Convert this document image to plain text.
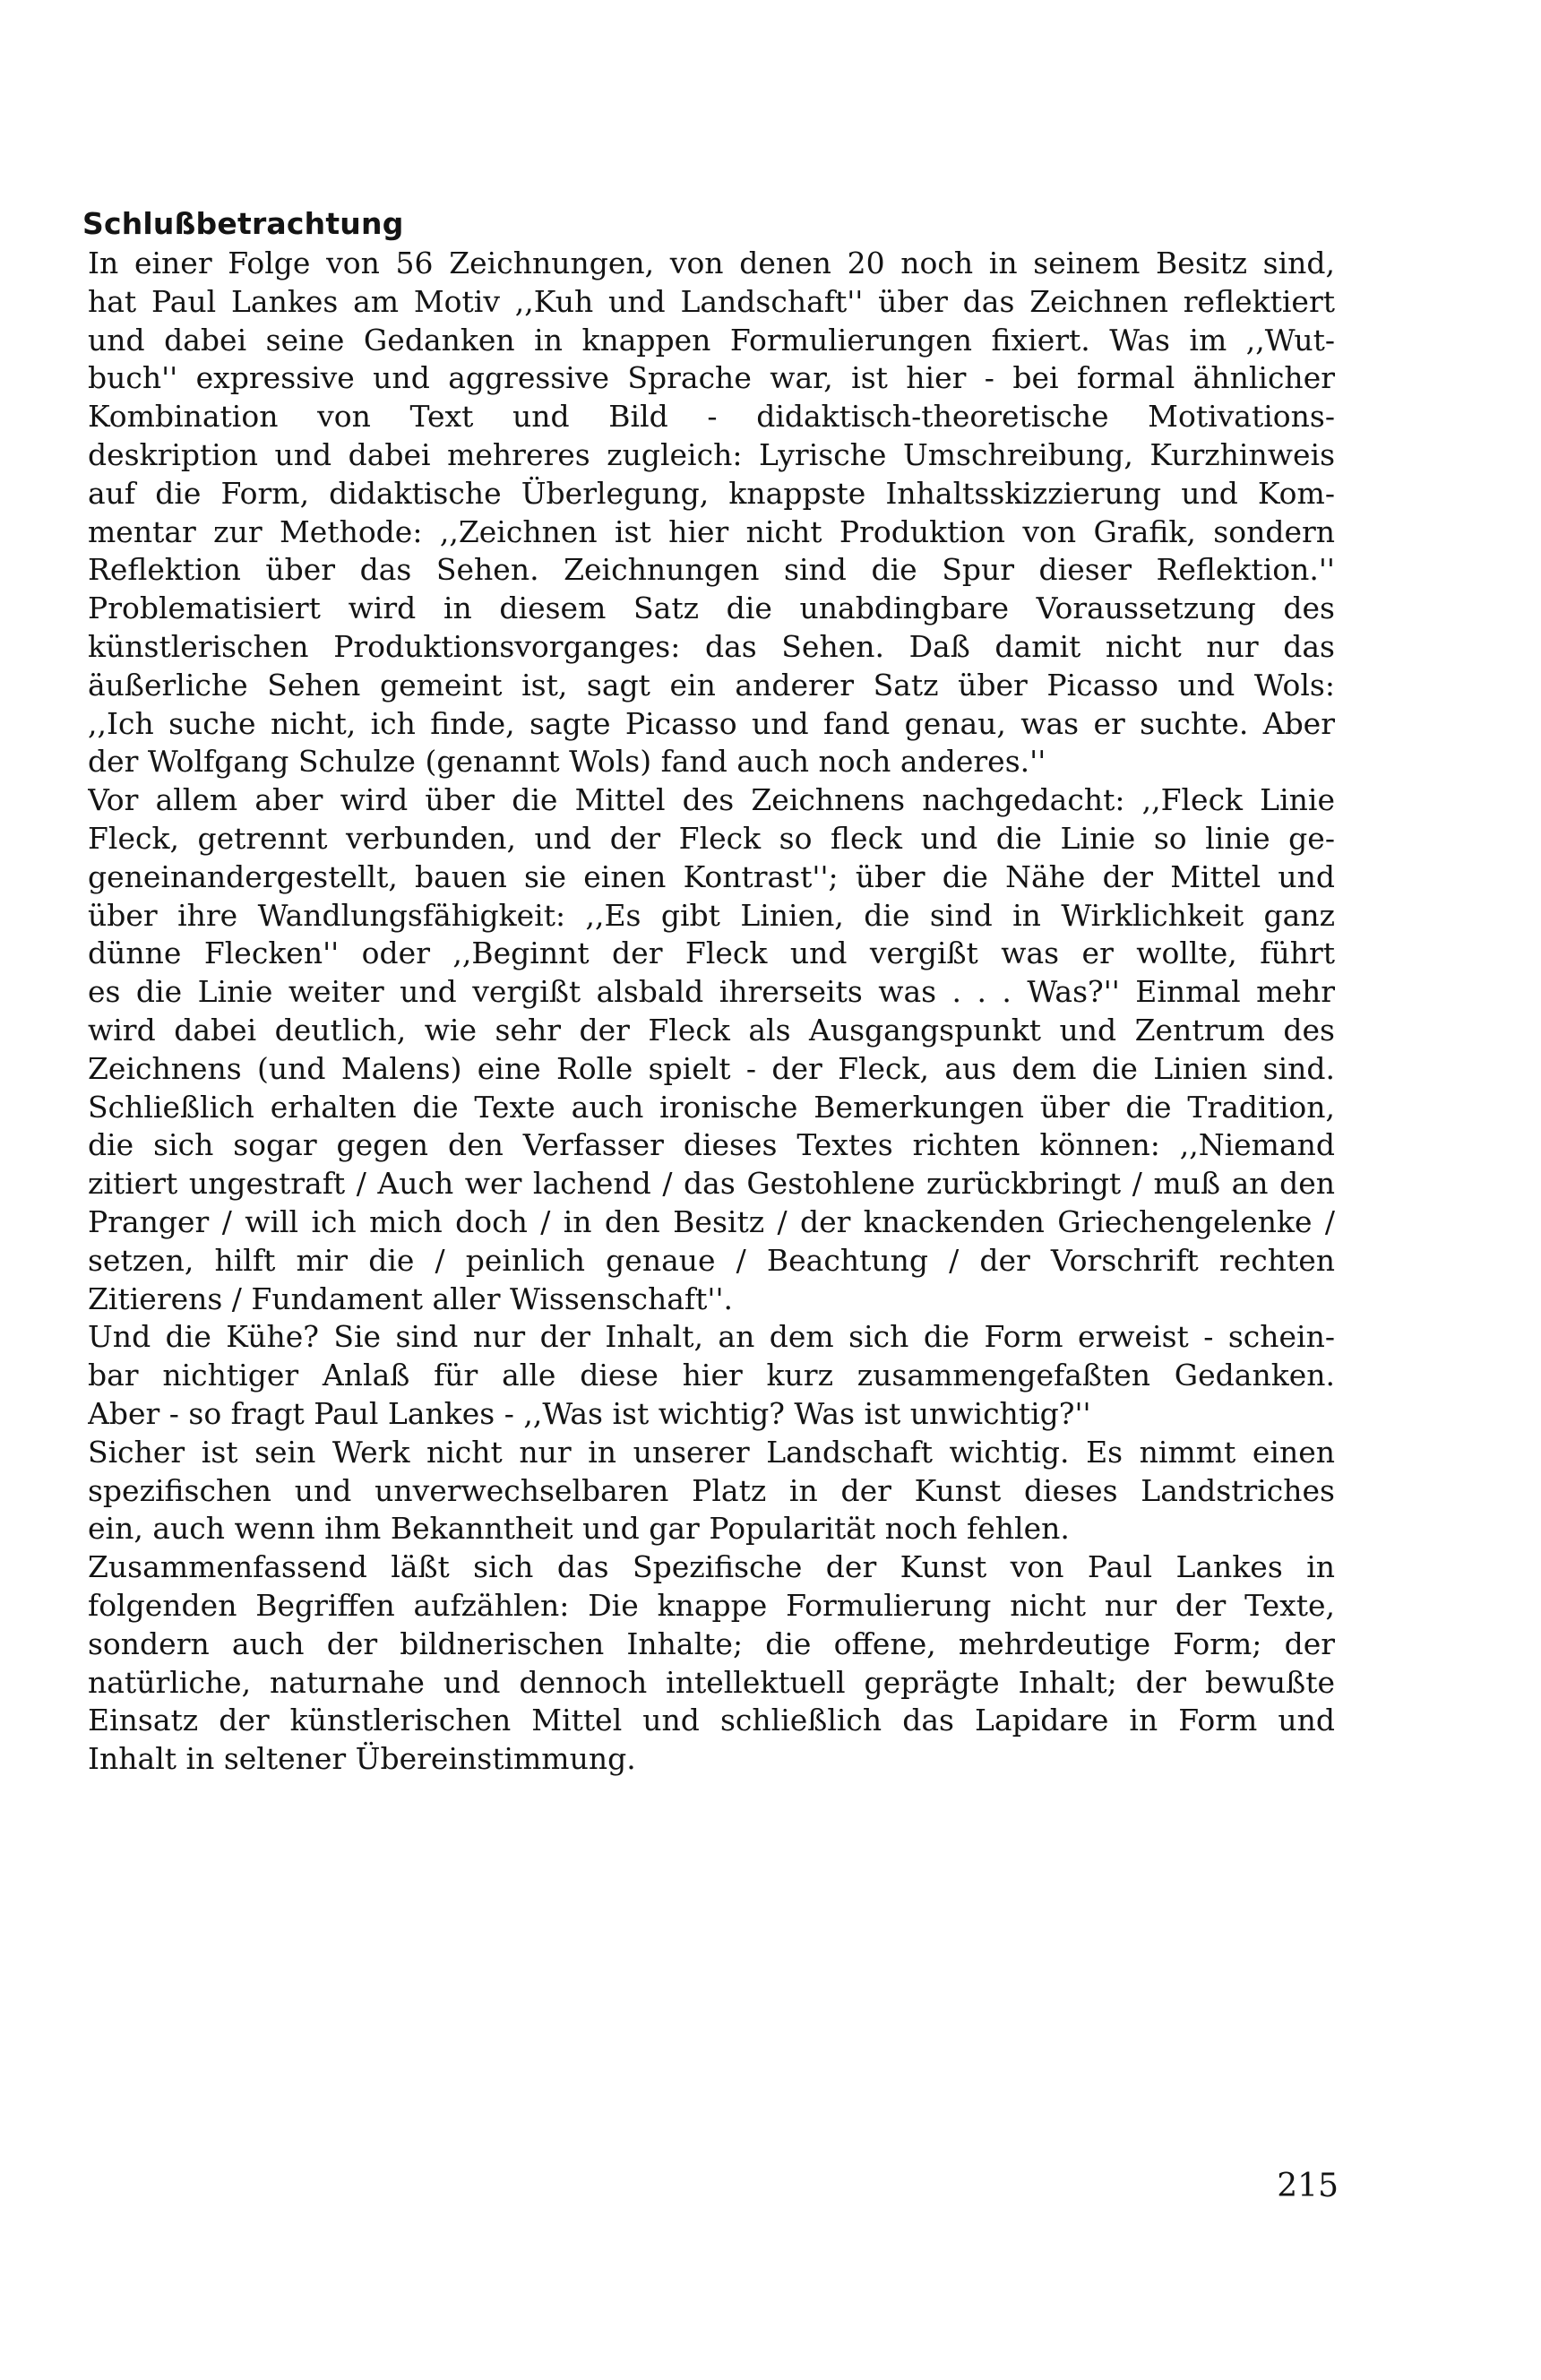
Schlußbetrachtung

In einer Folge von 56 Zeichnungen, von denen 20 noch in seinem Besitz sind,

hat Paul Lankes am Motiv ,,Kuh und Landschaft'' über das Zeichnen reflektiert

und dabei seine Gedanken in knappen Formulierungen fixiert. Was im ,,Wut-

buch'' expressive und aggressive Sprache war, ist hier - bei formal ähnlicher

Kombination von Text und Bild - didaktisch-theoretische Motivations-

deskription und dabei mehreres zugleich: Lyrische Umschreibung, Kurzhinweis

auf die Form, didaktische Überlegung, knappste Inhaltsskizzierung und Kom-

mentar zur Methode: ,,Zeichnen ist hier nicht Produktion von Grafik, sondern

Reflektion über das Sehen. Zeichnungen sind die Spur dieser Reflektion.''

Problematisiert wird in diesem Satz die unabdingbare Voraussetzung des

künstlerischen Produktionsvorganges: das Sehen. Daß damit nicht nur das

äußerliche Sehen gemeint ist, sagt ein anderer Satz über Picasso und Wols:

,,Ich suche nicht, ich finde, sagte Picasso und fand genau, was er suchte. Aber

der Wolfgang Schulze (genannt Wols) fand auch noch anderes.''

Vor allem aber wird über die Mittel des Zeichnens nachgedacht: ,,Fleck Linie

Fleck, getrennt verbunden, und der Fleck so fleck und die Linie so linie ge-

geneinandergestellt, bauen sie einen Kontrast''; über die Nähe der Mittel und

über ihre Wandlungsfähigkeit: ,,Es gibt Linien, die sind in Wirklichkeit ganz

dünne Flecken'' oder ,,Beginnt der Fleck und vergißt was er wollte, führt

es die Linie weiter und vergißt alsbald ihrerseits was . . . Was?'' Einmal mehr

wird dabei deutlich, wie sehr der Fleck als Ausgangspunkt und Zentrum des

Zeichnens (und Malens) eine Rolle spielt - der Fleck, aus dem die Linien sind.

Schließlich erhalten die Texte auch ironische Bemerkungen über die Tradition,

die sich sogar gegen den Verfasser dieses Textes richten können: ,,Niemand

zitiert ungestraft / Auch wer lachend / das Gestohlene zurückbringt / muß an den

Pranger / will ich mich doch / in den Besitz / der knackenden Griechengelenke /

setzen, hilft mir die / peinlich genaue / Beachtung / der Vorschrift rechten

Zitierens / Fundament aller Wissenschaft''.

Und die Kühe? Sie sind nur der Inhalt, an dem sich die Form erweist - schein-

bar nichtiger Anlaß für alle diese hier kurz zusammengefaßten Gedanken.

Aber - so fragt Paul Lankes - ,,Was ist wichtig? Was ist unwichtig?''

Sicher ist sein Werk nicht nur in unserer Landschaft wichtig. Es nimmt einen

spezifischen und unverwechselbaren Platz in der Kunst dieses Landstriches

ein, auch wenn ihm Bekanntheit und gar Popularität noch fehlen.

Zusammenfassend läßt sich das Spezifische der Kunst von Paul Lankes in

folgenden Begriffen aufzählen: Die knappe Formulierung nicht nur der Texte,

sondern auch der bildnerischen Inhalte; die offene, mehrdeutige Form; der

natürliche, naturnahe und dennoch intellektuell geprägte Inhalt; der bewußte

Einsatz der künstlerischen Mittel und schließlich das Lapidare in Form und

Inhalt in seltener Übereinstimmung.

215
